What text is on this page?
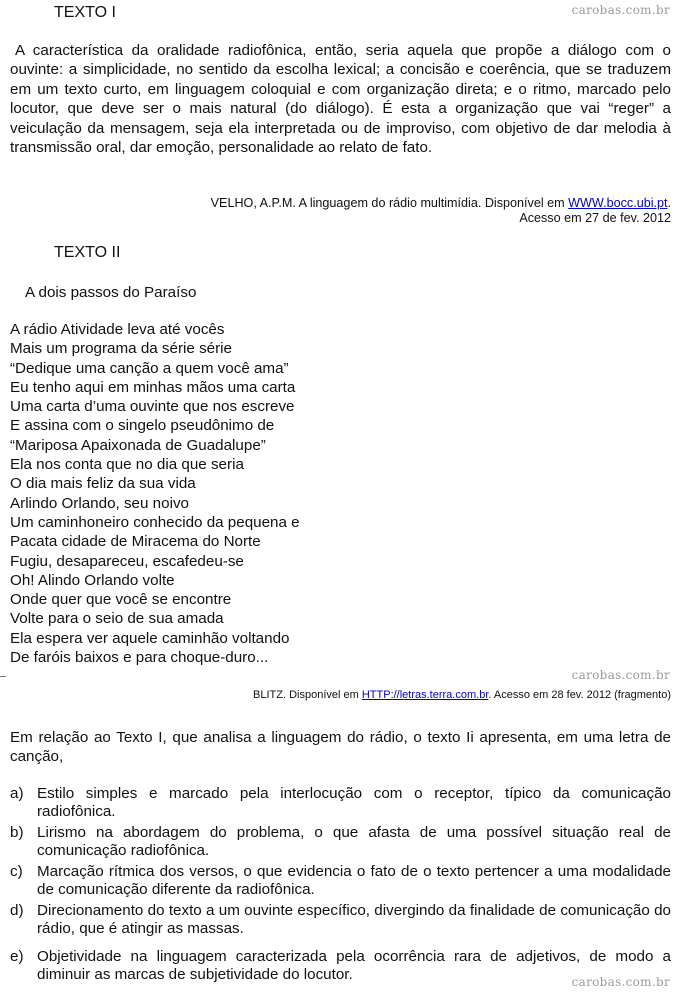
carobas.com.br
carobas.com.br
carobas.com.br
TEXTO I
A característica da oralidade radiofônica, então, seria aquela que propõe a diálogo com o ouvinte: a simplicidade, no sentido da escolha lexical; a concisão e coerência, que se traduzem em um texto curto, em linguagem coloquial e com organização direta; e o ritmo, marcado pelo locutor, que deve ser o mais natural (do diálogo). É esta a organização que vai “reger” a veiculação da mensagem, seja ela interpretada ou de improviso, com objetivo de dar melodia à transmissão oral, dar emoção, personalidade ao relato de fato.
VELHO, A.P.M. A linguagem do rádio multimídia. Disponível em WWW.bocc.ubi.pt.
Acesso em 27 de fev. 2012
TEXTO II
A dois passos do Paraíso
A rádio Atividade leva até vocês
Mais um programa da série série
“Dedique uma canção a quem você ama”
Eu tenho aqui em minhas mãos uma carta
Uma carta d’uma ouvinte que nos escreve
E assina com o singelo pseudônimo de
“Mariposa Apaixonada de Guadalupe”
Ela nos conta que no dia que seria
O dia mais feliz da sua vida
Arlindo Orlando, seu noivo
Um caminhoneiro conhecido da pequena e
Pacata cidade de Miracema do Norte
Fugiu, desapareceu, escafedeu-se
Oh! Alindo Orlando volte
Onde quer que você se encontre
Volte para o seio de sua amada
Ela espera ver aquele caminhão voltando
De faróis baixos e para choque-duro...
BLITZ. Disponível em HTTP://letras.terra.com.br. Acesso em 28 fev. 2012 (fragmento)
Em relação ao Texto I, que analisa a linguagem do rádio, o texto Ii apresenta, em uma letra de canção,
a) Estilo simples e marcado pela interlocução com o receptor, típico da comunicação radiofônica.
b) Lirismo na abordagem do problema, o que afasta de uma possível situação real de comunicação radiofônica.
c) Marcação rítmica dos versos, o que evidencia o fato de o texto pertencer a uma modalidade de comunicação diferente da radiofônica.
d) Direcionamento do texto a um ouvinte específico, divergindo da finalidade de comunicação do rádio, que é atingir as massas.
e) Objetividade na linguagem caracterizada pela ocorrência rara de adjetivos, de modo a diminuir as marcas de subjetividade do locutor.
